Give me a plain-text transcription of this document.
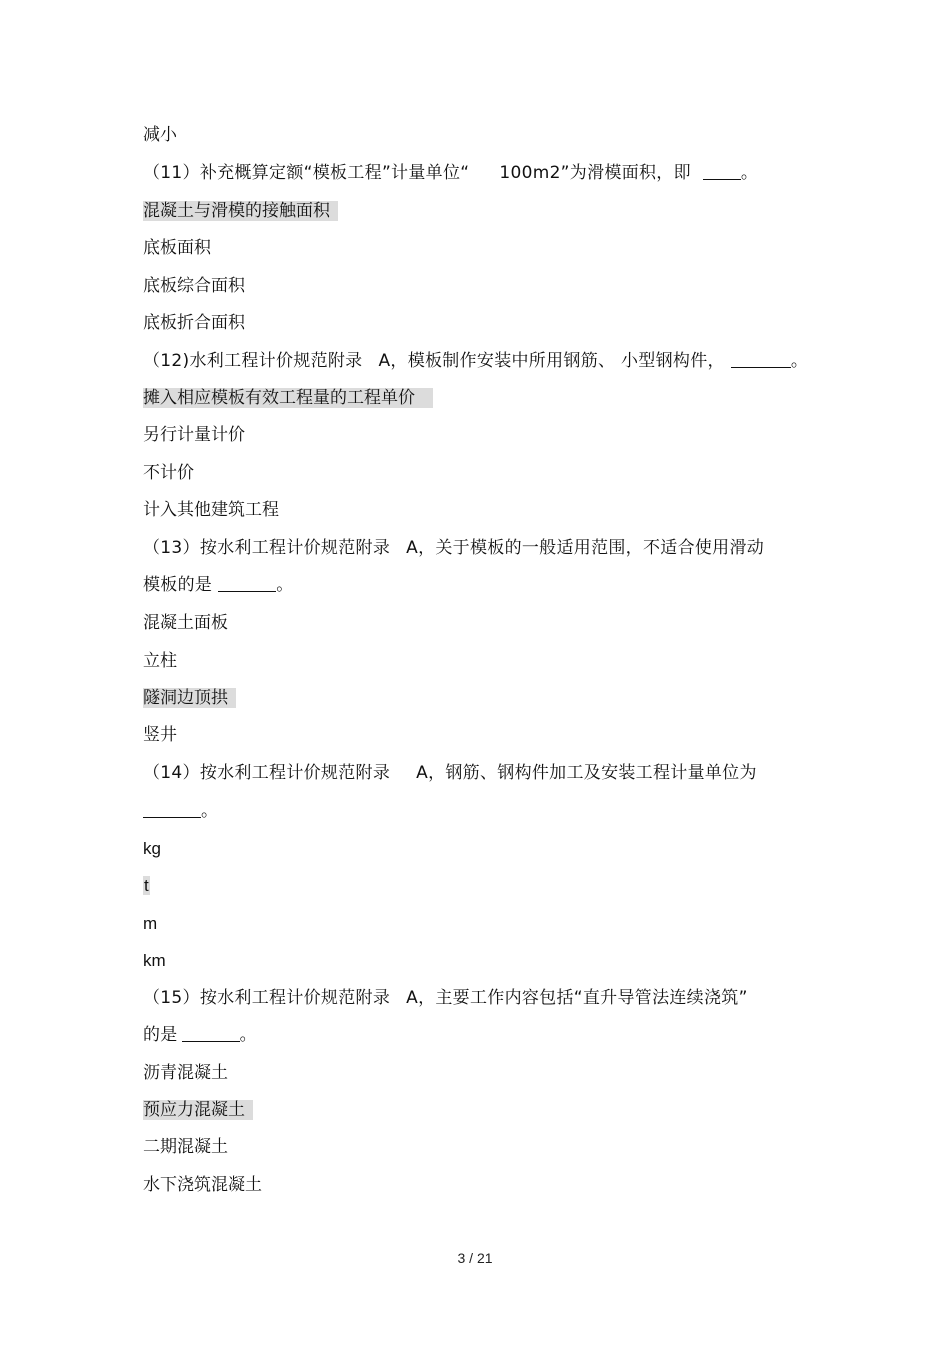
减小
（11）补充概算定额“模板工程”计量单位“ 100m2”为滑模面积，即	。
混凝土与滑模的接触面积
底板面积
底板综合面积
底板折合面积
（12)水利工程计价规范附录 A，模板制作安装中所用钢筋、 小型钢构件，	。
摊入相应模板有效工程量的工程单价
另行计量计价
不计价
计入其他建筑工程
（13）按水利工程计价规范附录 A，关于模板的一般适用范围，不适合使用滑动
模板的是	。
混凝土面板
立柱
隧洞边顶拱
竖井
（14）按水利工程计价规范附录 A，钢筋、钢构件加工及安装工程计量单位为
。
kg
t
m
km
（15）按水利工程计价规范附录 A，主要工作内容包括“直升导管法连续浇筑”
的是	。
沥青混凝土
预应力混凝土
二期混凝土
水下浇筑混凝土
3 / 21
